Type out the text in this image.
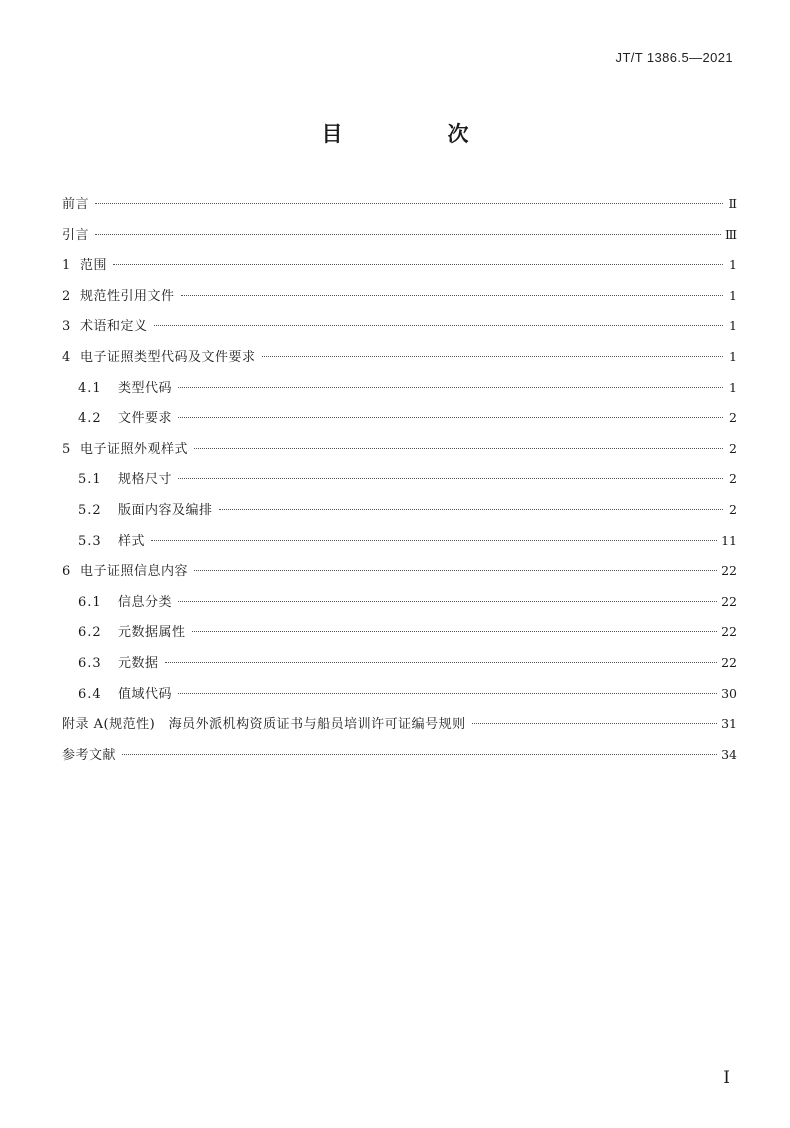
JT/T 1386.5—2021
目　次
前言	Ⅱ
引言	Ⅲ
1 范围	1
2 规范性引用文件	1
3 术语和定义	1
4 电子证照类型代码及文件要求	1
4.1	类型代码	1
4.2	文件要求	2
5 电子证照外观样式	2
5.1	规格尺寸	2
5.2	版面内容及编排	2
5.3	样式	11
6 电子证照信息内容	22
6.1	信息分类	22
6.2	元数据属性	22
6.3	元数据	22
6.4	值域代码	30
附录 A(规范性)　海员外派机构资质证书与船员培训许可证编号规则	31
参考文献	34
Ⅰ
